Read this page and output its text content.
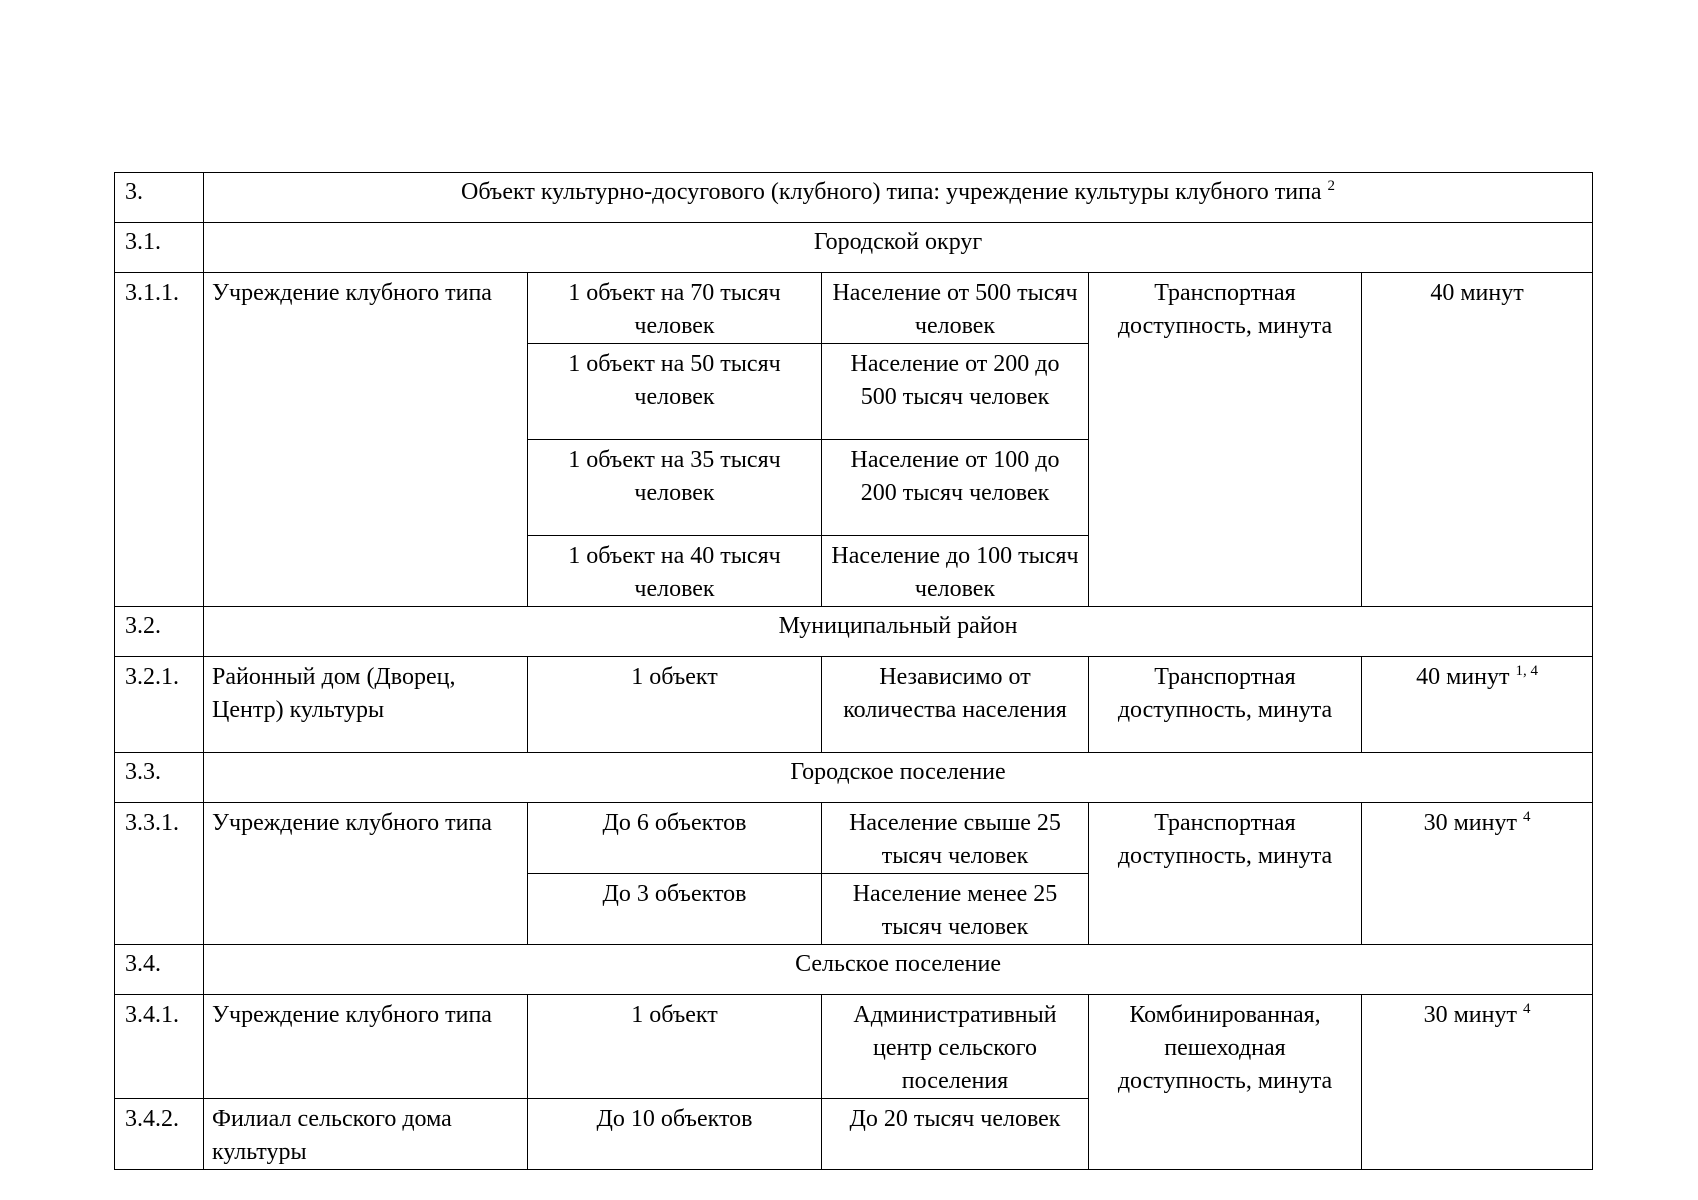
3.	Объект культурно-досугового (клубного) типа: учреждение культуры клубного типа $^2$
3.1.	Городской округ				
3.1.1.	Учреждение клубного типа	1 объект на 70 тысяч человек	Население от 500 тысяч человек	Транспортная доступность, минута	40 минут
		1 объект на 50 тысяч человек	Население от 200 до 500 тысяч человек		
		1 объект на 35 тысяч человек	Население от 100 до 200 тысяч человек		
		1 объект на 40 тысяч человек	Население до 100 тысяч человек		
3.2.	Муниципальный район				
3.2.1.	Районный дом (Дворец, Центр) культуры	1 объект	Независимо от количества населения	Транспортная доступность, минута	40 минут $^{1, 4}$
3.3.	Городское поселение				
3.3.1.	Учреждение клубного типа	До 6 объектов	Население свыше 25 тысяч человек	Транспортная доступность, минута	30 минут $^4$
		До 3 объектов	Население менее 25 тысяч человек		
3.4.	Сельское поселение				
3.4.1.	Учреждение клубного типа	1 объект	Административный центр сельского поселения	Комбинированная, пешеходная доступность, минута	30 минут $^4$
3.4.2.	Филиал сельского дома культуры	До 10 объектов	До 20 тысяч человек		
